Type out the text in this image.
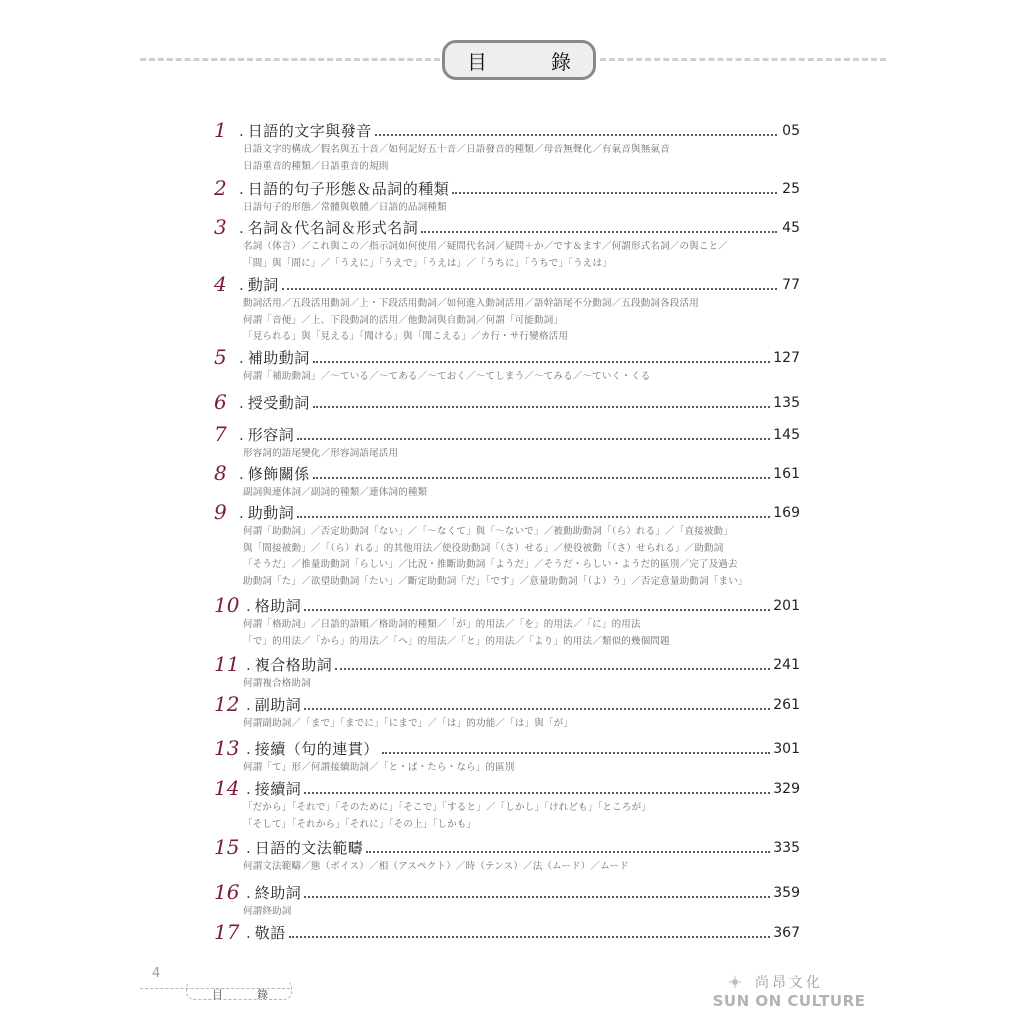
目　錄
1 . 日語的文字與發音	05
日語文字的構成／假名與五十音／如何記好五十音／日語發音的種類／母音無聲化／有氣音與無氣音
日語重音的種類／日語重音的規則
2 . 日語的句子形態＆品詞的種類	25
日語句子的形態／常體與敬體／日語的品詞種類
3 . 名詞＆代名詞＆形式名詞	45
名詞（体言）／これ與この／指示詞如何使用／疑問代名詞／疑問＋か／です＆ます／何謂形式名詞／の與こと／
「間」與「間に」／「うえに」「うえで」「うえは」／「うちに」「うちで」「うえは」
4 . 動詞	77
動詞活用／五段活用動詞／上・下段活用動詞／如何進入動詞活用／語幹語尾不分動詞／五段動詞各段活用
何謂「音便」／上、下段動詞的活用／他動詞與自動詞／何謂「可能動詞」
「見られる」與「見える」「聞ける」與「聞こえる」／カ行・サ行變格活用
5 . 補助動詞	127
何謂「補助動詞」／～ている／～てある／～ておく／～てしまう／～てみる／～ていく・くる
6 . 授受動詞	135
7 . 形容詞	145
形容詞的語尾變化／形容詞語尾活用
8 . 修飾關係	161
副詞與連体詞／副詞的種類／連体詞的種類
9 . 助動詞	169
何謂「助動詞」／否定助動詞「ない」／「～なくて」與「～ないで」／被動助動詞「（ら）れる」／「直接被動」
與「間接被動」／「（ら）れる」的其他用法／使役助動詞「（さ）せる」／使役被動「（さ）せられる」／助動詞
「そうだ」／推量助動詞「らしい」／比況・推斷助動詞「ようだ」／そうだ・らしい・ようだ的區別／完了及過去
助動詞「た」／欲望助動詞「たい」／斷定助動詞「だ」「です」／意量助動詞「（よ）う」／否定意量助動詞「まい」
10 . 格助詞	201
何謂「格助詞」／日語的語順／格助詞的種類／「が」的用法／「を」的用法／「に」的用法
「で」的用法／「から」的用法／「へ」的用法／「と」的用法／「より」的用法／類似的幾個問題
11 . 複合格助詞	241
何謂複合格助詞
12 . 副助詞	261
何謂副助詞／「まで」「までに」「にまで」／「は」的功能／「は」與「が」
13 . 接續（句的連貫）	301
何謂「て」形／何謂接續助詞／「と・ば・たら・なら」的區別
14 . 接續詞	329
「だから」「それで」「そのために」「そこで」「すると」／「しかし」「けれども」「ところが」
「そして」「それから」「それに」「その上」「しかも」
15 . 日語的文法範疇	335
何謂文法範疇／態（ボイス）／相（アスペクト）／時（テンス）／法（ムード）／ムード
16 . 終助詞	359
何謂終助詞
17 . 敬語	367
4
目錄
尚昂文化
SUN ON CULTURE
